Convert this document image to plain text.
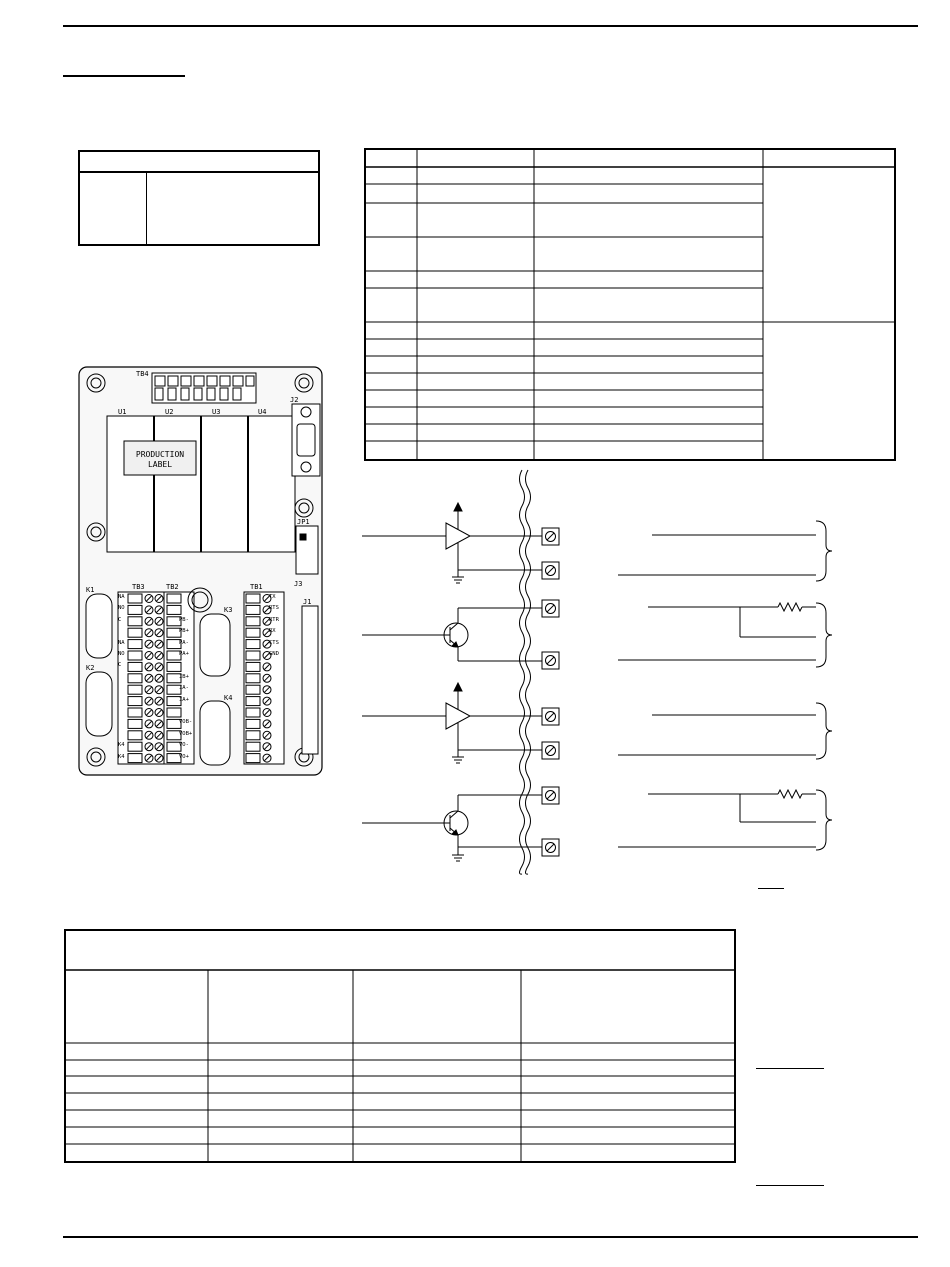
TB4
U1	U2	U3	U4
PRODUCTION
LABEL
J2
JP1
J3
J1
TB3	TB2	TB1
K1
K2
K3
K4
NA
NO
C
NA
NO
C
K4
K4
PB-
PB+
PA-
PA+
IB+
IA-
IA+
VOB-
VOB+
VO-
VO+
TX
RTS
RTR
RX
CTS
GND
